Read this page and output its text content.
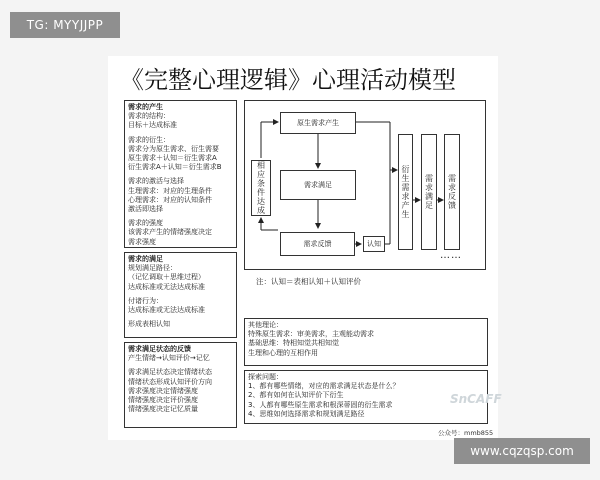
TG: MYYJJPP
《完整心理逻辑》心理活动模型
需求的产生
需求的结构：
目标＋达成标准
需求的衍生：
需求分为原生需求、衍生需要
原生需求＋认知＝衍生需求A
衍生需求A＋认知＝衍生需求B
需求的激活与选择
生理需求：对应的生理条件
心理需求：对应的认知条件
激活即选择
需求的强度
该需求产生的情绪强度决定
需求强度
需求的满足
规划满足路径：
（记忆调取＋思维过程）
达成标准或无法达成标准
付诸行为：
达成标准或无法达成标准
形成表相认知
需求满足状态的反馈
产生情绪→认知评价→记忆
需求满足状态决定情绪状态
情绪状态形成认知评价方向
需求强度决定情绪强度
情绪强度决定评价强度
情绪强度决定记忆质量
原生需求产生
需求满足
需求反馈	认知
相应条件达成	衍生需求产生	需求满足	需求反馈
……
注：认知＝表相认知＋认知评价
其他理论：
特殊原生需求：审美需求，主观能动需求
基础思维：特相知觉共相知觉
生理和心理的互相作用
探索问题：
1、都有哪些情绪，对应的需求满足状态是什么？
2、都有如何在认知评价下衍生
3、人都有哪些原生需求和根深蒂固的衍生需求
4、思维如何选择需求和规划满足路径
SnCAFF
公众号：mmb855
www.cqzqsp.com
